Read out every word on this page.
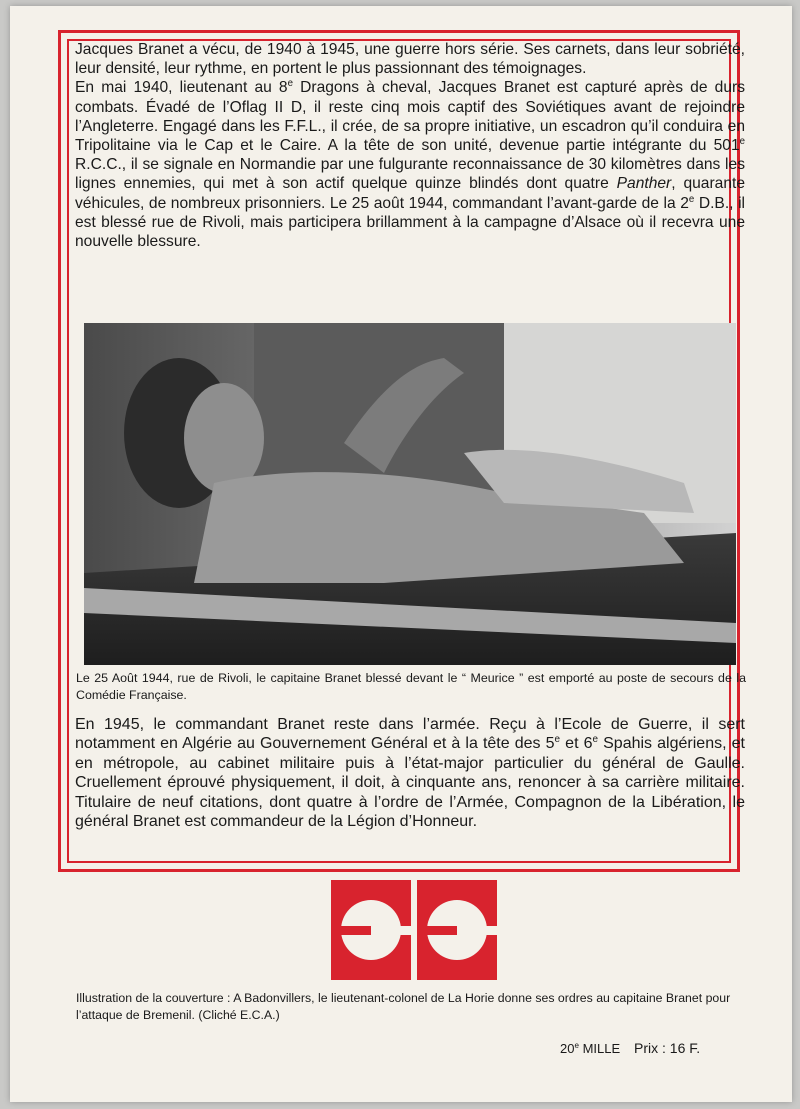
Jacques Branet a vécu, de 1940 à 1945, une guerre hors série. Ses carnets, dans leur sobriété, leur densité, leur rythme, en portent le plus passionnant des témoignages.

En mai 1940, lieutenant au 8e Dragons à cheval, Jacques Branet est capturé après de durs combats. Évadé de l’Oflag II D, il reste cinq mois captif des Soviétiques avant de rejoindre l’Angleterre. Engagé dans les F.F.L., il crée, de sa propre initiative, un escadron qu’il conduira en Tripolitaine via le Cap et le Caire. A la tête de son unité, devenue partie intégrante du 501e R.C.C., il se signale en Normandie par une fulgurante reconnaissance de 30 kilomètres dans les lignes ennemies, qui met à son actif quelque quinze blindés dont quatre Panther, quarante véhicules, de nombreux prisonniers. Le 25 août 1944, commandant l’avant-garde de la 2e D.B., il est blessé rue de Rivoli, mais participera brillamment à la campagne d’Alsace où il recevra une nouvelle blessure.

Le 25 Août 1944, rue de Rivoli, le capitaine Branet blessé devant le “ Meurice ” est emporté au poste de secours de la Comédie Française.

En 1945, le commandant Branet reste dans l’armée. Reçu à l’Ecole de Guerre, il sert notamment en Algérie au Gouvernement Général et à la tête des 5e et 6e Spahis algériens, et en métropole, au cabinet militaire puis à l’état-major particulier du général de Gaulle. Cruellement éprouvé physiquement, il doit, à cinquante ans, renoncer à sa carrière militaire. Titulaire de neuf citations, dont quatre à l’ordre de l’Armée, Compagnon de la Libération, le général Branet est commandeur de la Légion d’Honneur.

Illustration de la couverture : A Badonvillers, le lieutenant-colonel de La Horie donne ses ordres au capitaine Branet pour l’attaque de Bremenil. (Cliché E.C.A.)

20e MILLE Prix : 16 F.
